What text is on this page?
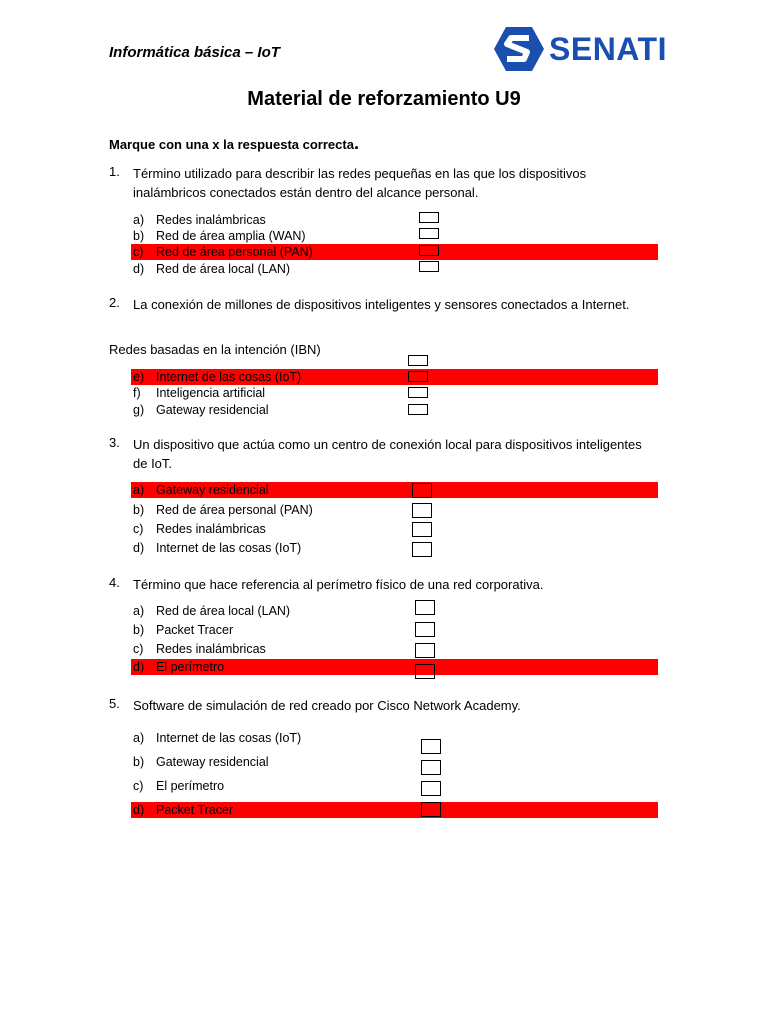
Informática básica – IoT	SENATI
Material de reforzamiento U9
Marque con una x la respuesta correcta.
1. Término utilizado para describir las redes pequeñas en las que los dispositivos inalámbricos conectados están dentro del alcance personal.
a) Redes inalámbricas
b) Red de área amplia (WAN)
c) Red de área personal (PAN)
d) Red de área local (LAN)
2. La conexión de millones de dispositivos inteligentes y sensores conectados a Internet.
Redes basadas en la intención (IBN)
e) Internet de las cosas (IoT)
f) Inteligencia artificial
g) Gateway residencial
3. Un dispositivo que actúa como un centro de conexión local para dispositivos inteligentes de IoT.
a) Gateway residencial
b) Red de área personal (PAN)
c) Redes inalámbricas
d) Internet de las cosas (IoT)
4. Término que hace referencia al perímetro físico de una red corporativa.
a) Red de área local (LAN)
b) Packet Tracer
c) Redes inalámbricas
d) El perímetro
5. Software de simulación de red creado por Cisco Network Academy.
a) Internet de las cosas (IoT)
b) Gateway residencial
c) El perímetro
d) Packet Tracer
